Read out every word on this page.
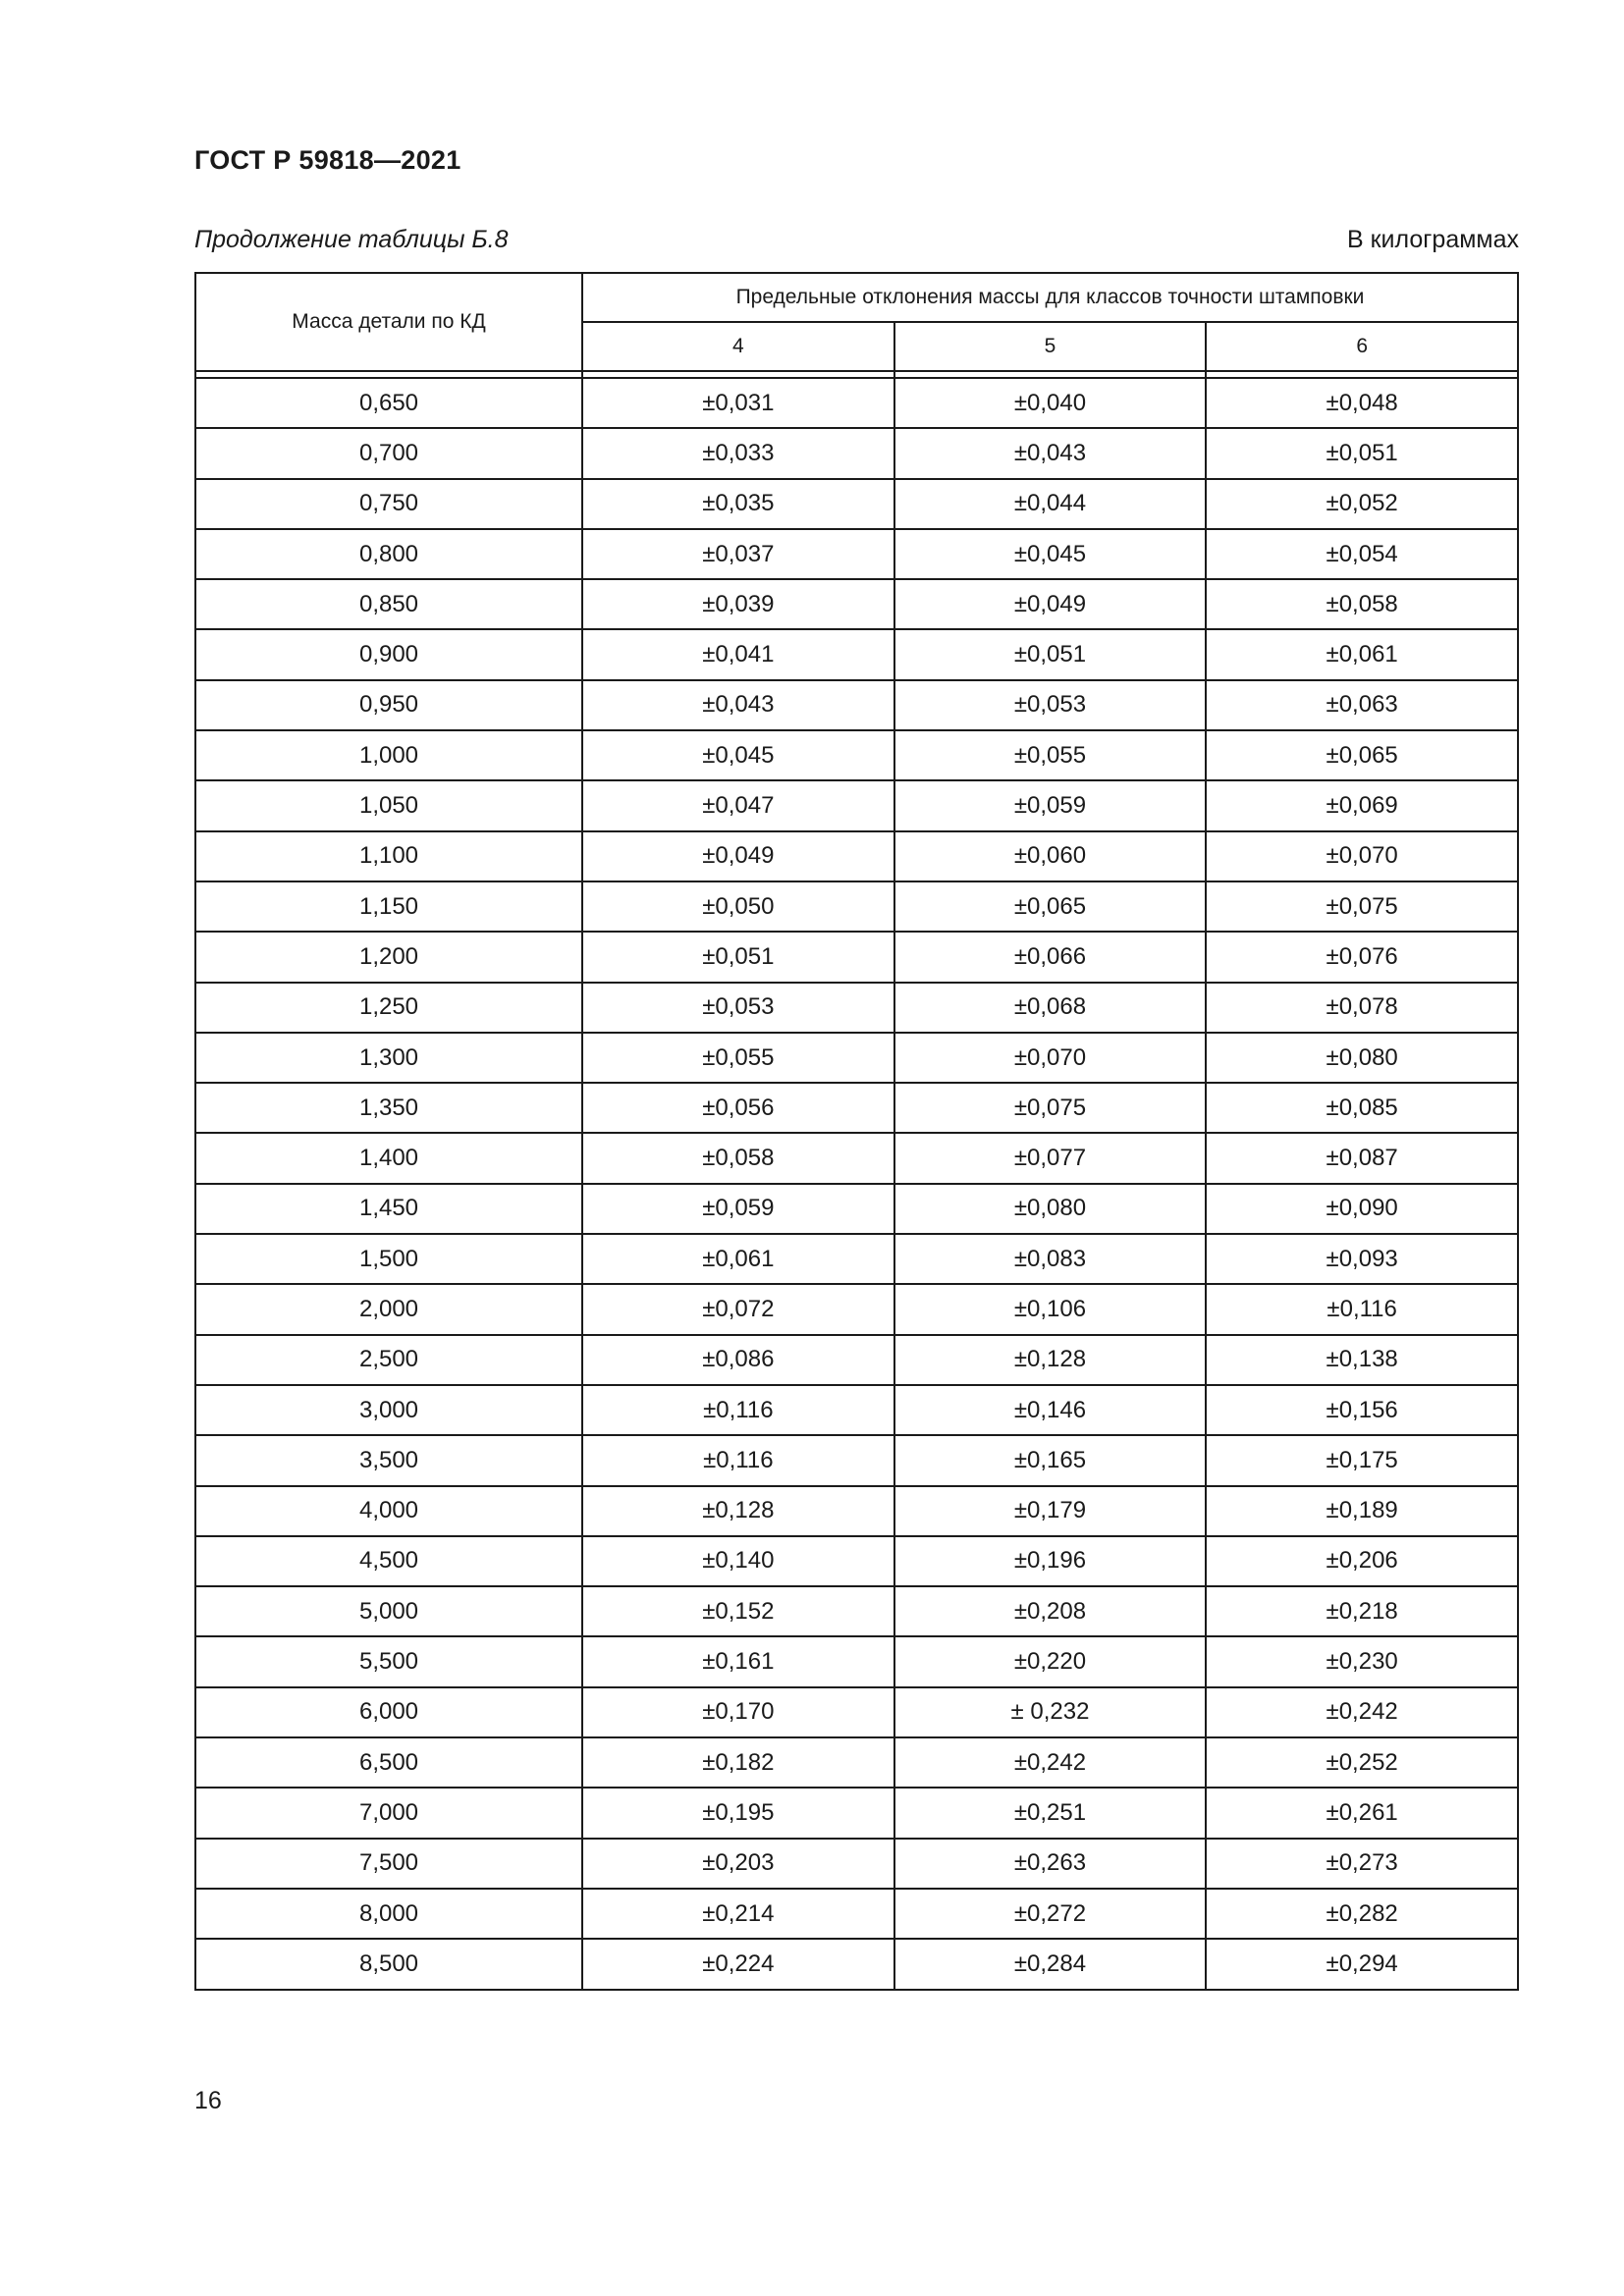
ГОСТ Р 59818—2021
Продолжение таблицы Б.8	В килограммах
Масса детали по КД	Предельные отклонения массы для классов точности штамповки		
	4	5	6

0,650	±0,031	±0,040	±0,048
0,700	±0,033	±0,043	±0,051
0,750	±0,035	±0,044	±0,052
0,800	±0,037	±0,045	±0,054
0,850	±0,039	±0,049	±0,058
0,900	±0,041	±0,051	±0,061
0,950	±0,043	±0,053	±0,063
1,000	±0,045	±0,055	±0,065
1,050	±0,047	±0,059	±0,069
1,100	±0,049	±0,060	±0,070
1,150	±0,050	±0,065	±0,075
1,200	±0,051	±0,066	±0,076
1,250	±0,053	±0,068	±0,078
1,300	±0,055	±0,070	±0,080
1,350	±0,056	±0,075	±0,085
1,400	±0,058	±0,077	±0,087
1,450	±0,059	±0,080	±0,090
1,500	±0,061	±0,083	±0,093
2,000	±0,072	±0,106	±0,116
2,500	±0,086	±0,128	±0,138
3,000	±0,116	±0,146	±0,156
3,500	±0,116	±0,165	±0,175
4,000	±0,128	±0,179	±0,189
4,500	±0,140	±0,196	±0,206
5,000	±0,152	±0,208	±0,218
5,500	±0,161	±0,220	±0,230
6,000	±0,170	± 0,232	±0,242
6,500	±0,182	±0,242	±0,252
7,000	±0,195	±0,251	±0,261
7,500	±0,203	±0,263	±0,273
8,000	±0,214	±0,272	±0,282
8,500	±0,224	±0,284	±0,294
16
